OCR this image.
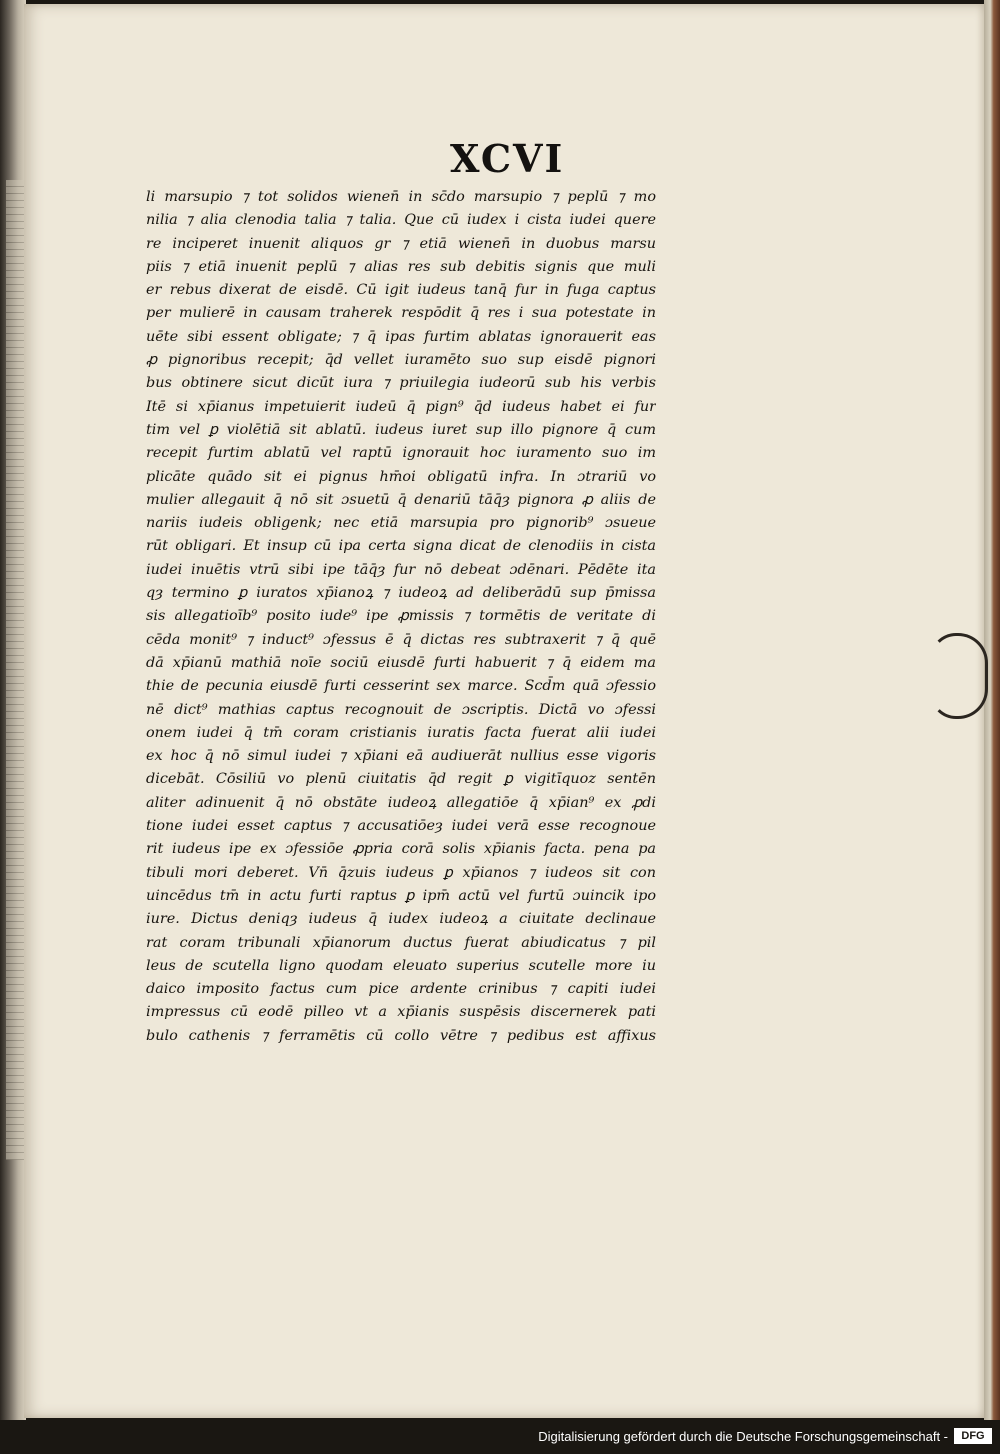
XCVI
li marsupio ⁊ tot solidos wienen̄ in sc̄do marsupio ⁊ peplū ⁊ mo
nilia ⁊ alia clenodia talia ⁊ talia. Que cū iudex i cista iudei quere
re inciperet inuenit aliquos gr ⁊ etiā wienen̄ in duobus marsu
piis ⁊ etiā inuenit peplū ⁊ alias res sub debitis signis que muli
er rebus dixerat de eisdē. Cū igit iudeus tanq̄ fur in fuga captus
per mulierē in causam traherek respōdit q̄ res i sua potestate in
uēte sibi essent obligate; ⁊ q̄ ipas furtim ablatas ignorauerit eas
ꝓ pignoribus recepit; q̄d vellet iuramēto suo sup eisdē pignori
bus obtinere sicut dicūt iura ⁊ priuilegia iudeorū sub his verbis
Itē si xp̄ianus impetuierit iudeū q̄ pign⁹ q̄d iudeus habet ei fur
tim vel ꝑ violētiā sit ablatū. iudeus iuret sup illo pignore q̄ cum
recepit furtim ablatū vel raptū ignorauit hoc iuramento suo im
plicāte quādo sit ei pignus hm̄oi obligatū infra. In ɔtrariū vo
mulier allegauit q̄ nō sit ɔsuetū q̄ denariū tāq̄ȝ pignora ꝓ aliis de
nariis iudeis obligenk; nec etiā marsupia pro pignorib⁹ ɔsueue
rūt obligari. Et insup cū ipa certa signa dicat de clenodiis in cista
iudei inuētis vtrū sibi ipe tāq̄ȝ fur nō debeat ɔdēnari. Pēdēte ita
qȝ termino ꝑ iuratos xp̄ianoꝝ ⁊ iudeoꝝ ad deliberādū sup p̄missa
sis allegatioīb⁹ posito iude⁹ ipe ꝓmissis ⁊ tormētis de veritate di
cēda monit⁹ ⁊ induct⁹ ɔfessus ē q̄ dictas res subtraxerit ⁊ q̄ quē
dā xp̄ianū mathiā noīe sociū eiusdē furti habuerit ⁊ q̄ eidem ma
thie de pecunia eiusdē furti cesserint sex marce. Scd̄m quā ɔfessio
nē dict⁹ mathias captus recognouit de ɔscriptis. Dictā vo ɔfessi
onem iudei q̄ tm̄ coram cristianis iuratis facta fuerat alii iudei
ex hoc q̄ nō simul iudei ⁊ xp̄iani eā audiuerāt nullius esse vigoris
dicebāt. Cōsiliū vo plenū ciuitatis q̄d regit ꝑ vigitīquoz sentēn
aliter adinuenit q̄ nō obstāte iudeoꝝ allegatiōe q̄ xp̄ian⁹ ex ꝓdi
tione iudei esset captus ⁊ accusatiōeȝ iudei verā esse recognoue
rit iudeus ipe ex ɔfessiōe ꝓpria corā solis xp̄ianis facta. pena pa
tibuli mori deberet. Vn̄ q̄zuis iudeus ꝑ xp̄ianos ⁊ iudeos sit con
uincēdus tm̄ in actu furti raptus ꝑ ipm̄ actū vel furtū ɔuincik ipo
iure. Dictus deniqȝ iudeus q̄ iudex iudeoꝝ a ciuitate declinaue
rat coram tribunali xp̄ianorum ductus fuerat abiudicatus ⁊ pil
leus de scutella ligno quodam eleuato superius scutelle more iu
daico imposito factus cum pice ardente crinibus ⁊ capiti iudei
impressus cū eodē pilleo vt a xp̄ianis suspēsis discernerek pati
bulo cathenis ⁊ ferramētis cū collo vētre ⁊ pedibus est affixus
Digitalisierung gefördert durch die Deutsche Forschungsgemeinschaft -	DFG
